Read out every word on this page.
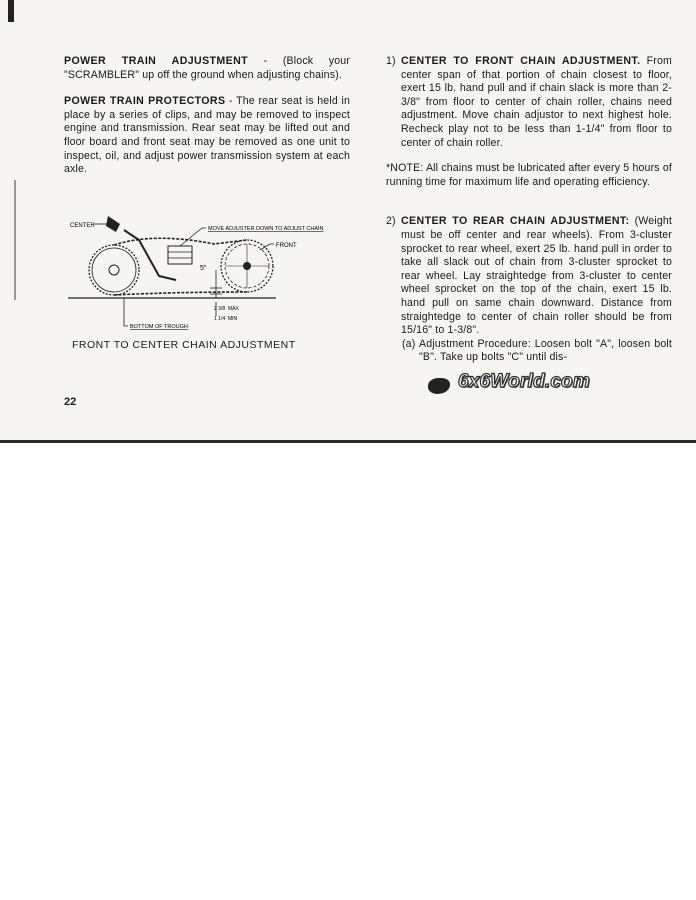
POWER TRAIN ADJUSTMENT - (Block your "SCRAMBLER" up off the ground when adjusting chains).

POWER TRAIN PROTECTORS - The rear seat is held in place by a series of clips, and may be removed to inspect engine and transmission. Rear seat may be lifted out and floor board and front seat may be removed as one unit to inspect, oil, and adjust power transmission system at each axle.

CENTER	MOVE ADJUSTER DOWN TO ADJUST CHAIN
FRONT
5"
2 3/8 MAX
1 1/4 MIN
BOTTOM OF TROUGH
FRONT TO CENTER CHAIN ADJUSTMENT
22
1) CENTER TO FRONT CHAIN ADJUSTMENT. From center span of that portion of chain closest to floor, exert 15 lb. hand pull and if chain slack is more than 2-3/8" from floor to center of chain roller, chains need adjustment. Move chain adjustor to next highest hole. Recheck play not to be less than 1-1/4" from floor to center of chain roller.

*NOTE: All chains must be lubricated after every 5 hours of running time for maximum life and operating efficiency.

2) CENTER TO REAR CHAIN ADJUSTMENT: (Weight must be off center and rear wheels). From 3-cluster sprocket to rear wheel, exert 25 lb. hand pull in order to take all slack out of chain from 3-cluster sprocket to rear wheel. Lay straightedge from 3-cluster to center wheel sprocket on the top of the chain, exert 15 lb. hand pull on same chain downward. Distance from straightedge to center of chain roller should be from 15/16" to 1-3/8".

(a) Adjustment Procedure: Loosen bolt "A", loosen bolt "B". Take up bolts "C" until dis-

6x6World.com
